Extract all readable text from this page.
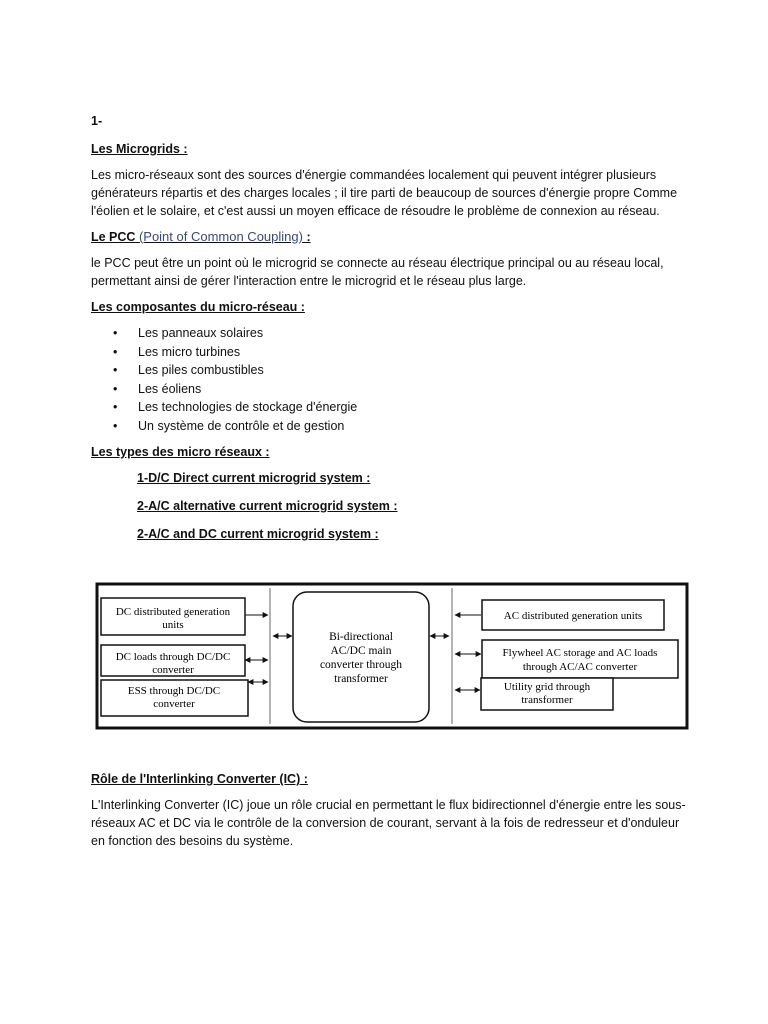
1-

Les Microgrids :

Les micro-réseaux sont des sources d'énergie commandées localement qui peuvent intégrer plusieurs générateurs répartis et des charges locales ; il tire parti de beaucoup de sources d'énergie propre Comme l'éolien et le solaire, et c'est aussi un moyen efficace de résoudre le problème de connexion au réseau.

Le PCC (Point of Common Coupling) :

le PCC peut être un point où le microgrid se connecte au réseau électrique principal ou au réseau local, permettant ainsi de gérer l'interaction entre le microgrid et le réseau plus large.

Les composantes du micro-réseau :

• Les panneaux solaires
• Les micro turbines
• Les piles combustibles
• Les éoliens
• Les technologies de stockage d'énergie
• Un système de contrôle et de gestion

Les types des micro réseaux :

1-D/C Direct current microgrid system :

2-A/C alternative current microgrid system :

2-A/C and DC current microgrid system :

DC distributed generation
units
DC loads through DC/DC
converter
ESS through DC/DC
converter
Bi-directional
AC/DC main
converter through
transformer
AC distributed generation units
Flywheel AC storage and AC loads
through AC/AC converter
Utility grid through
transformer

Rôle de l'Interlinking Converter (IC) :

L'Interlinking Converter (IC) joue un rôle crucial en permettant le flux bidirectionnel d'énergie entre les sous-réseaux AC et DC via le contrôle de la conversion de courant, servant à la fois de redresseur et d'onduleur en fonction des besoins du système.
